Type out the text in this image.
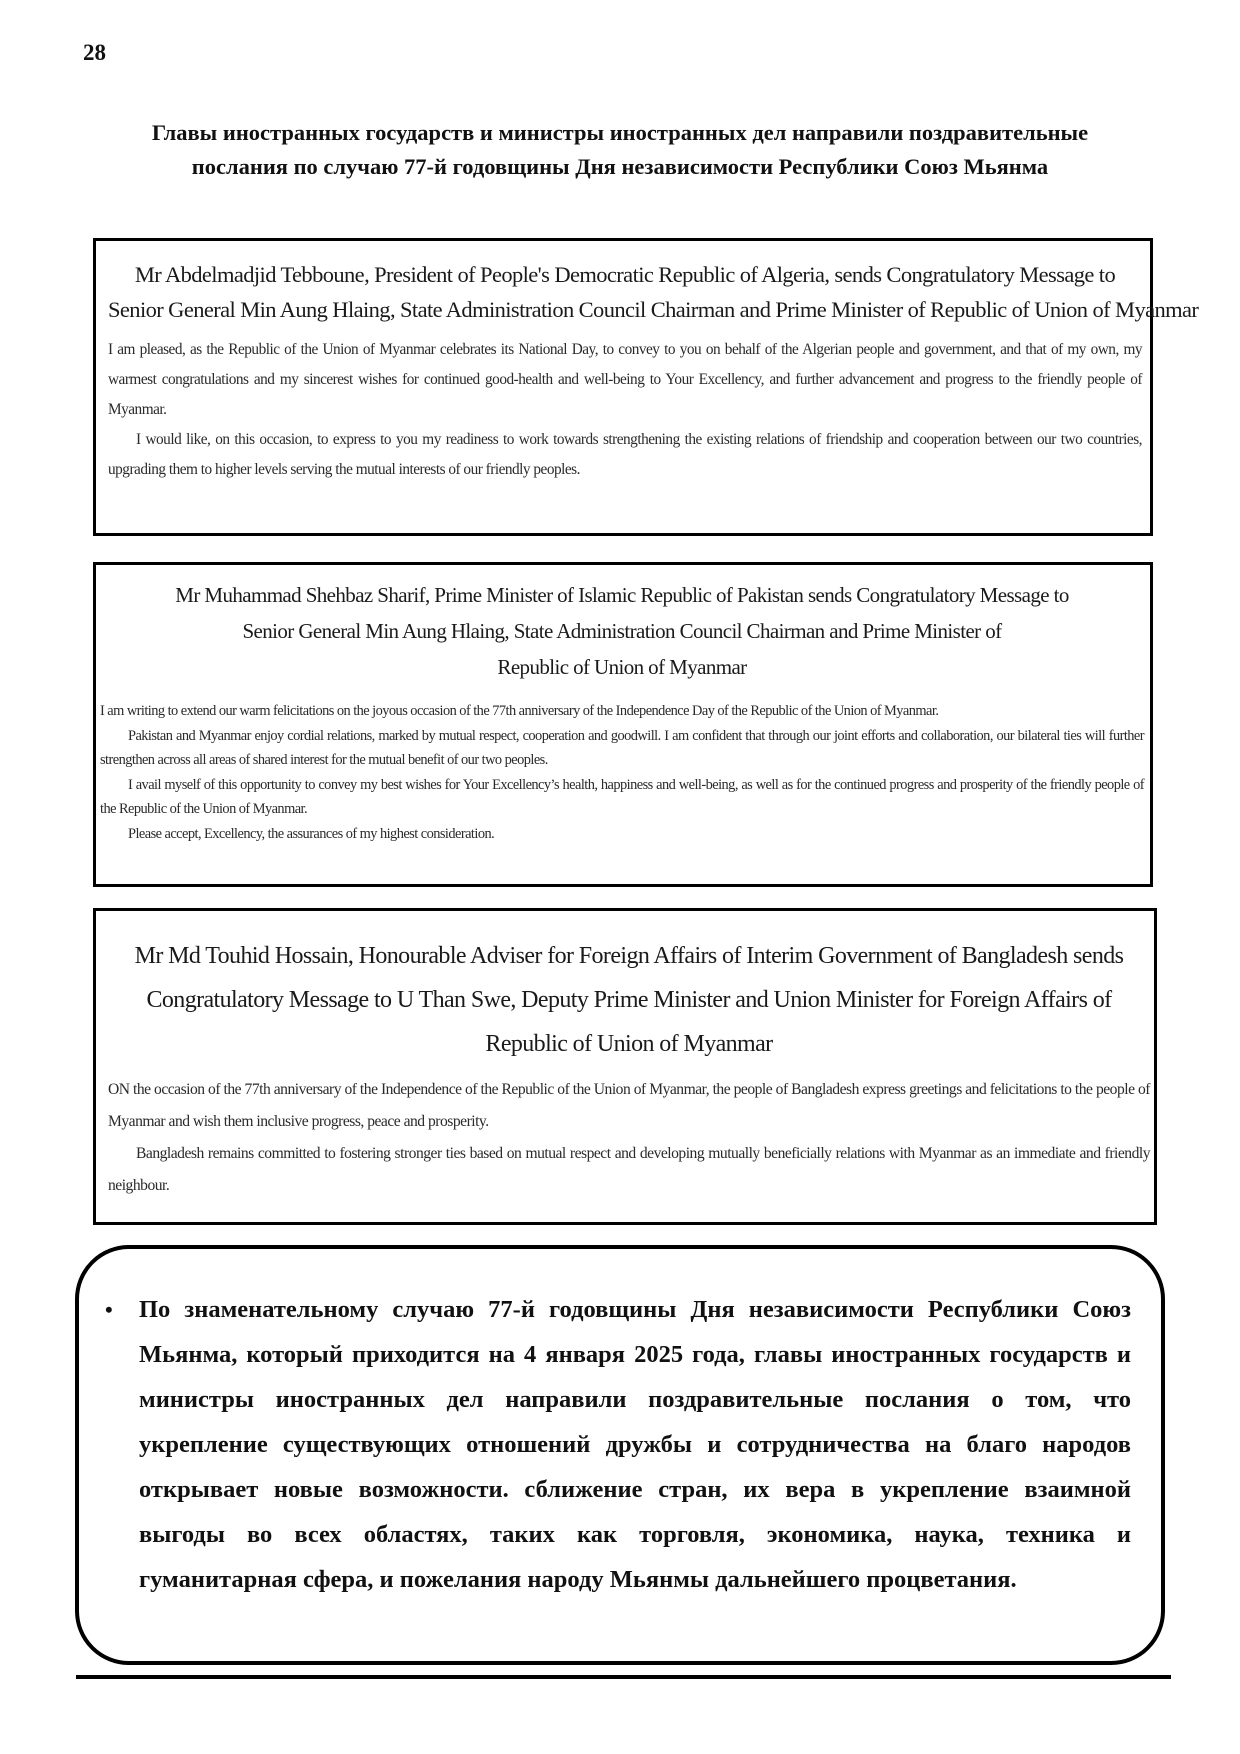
28
Главы иностранных государств и министры иностранных дел направили поздравительные
послания по случаю 77-й годовщины Дня независимости Республики Союз Мьянма
Mr Abdelmadjid Tebboune, President of People's Democratic Republic of Algeria, sends Congratulatory Message to
Senior General Min Aung Hlaing, State Administration Council Chairman and Prime Minister of Republic of Union of Myanmar

I am pleased, as the Republic of the Union of Myanmar celebrates its National Day, to convey to you on behalf of the Algerian people and government, and that of my own, my warmest congratulations and my sincerest wishes for continued good-health and well-being to Your Excellency, and further advancement and progress to the friendly people of Myanmar.

I would like, on this occasion, to express to you my readiness to work towards strengthening the existing relations of friendship and cooperation between our two countries, upgrading them to higher levels serving the mutual interests of our friendly peoples.

Mr Muhammad Shehbaz Sharif, Prime Minister of Islamic Republic of Pakistan sends Congratulatory Message to
Senior General Min Aung Hlaing, State Administration Council Chairman and Prime Minister of
Republic of Union of Myanmar

I am writing to extend our warm felicitations on the joyous occasion of the 77th anniversary of the Independence Day of the Republic of the Union of Myanmar.

Pakistan and Myanmar enjoy cordial relations, marked by mutual respect, cooperation and goodwill. I am confident that through our joint efforts and collaboration, our bilateral ties will further strengthen across all areas of shared interest for the mutual benefit of our two peoples.

I avail myself of this opportunity to convey my best wishes for Your Excellency’s health, happiness and well-being, as well as for the continued progress and prosperity of the friendly people of the Republic of the Union of Myanmar.

Please accept, Excellency, the assurances of my highest consideration.

Mr Md Touhid Hossain, Honourable Adviser for Foreign Affairs of Interim Government of Bangladesh sends
Congratulatory Message to U Than Swe, Deputy Prime Minister and Union Minister for Foreign Affairs of
Republic of Union of Myanmar

ON the occasion of the 77th anniversary of the Independence of the Republic of the Union of Myanmar, the people of Bangladesh express greetings and felicitations to the people of Myanmar and wish them inclusive progress, peace and prosperity.

Bangladesh remains committed to fostering stronger ties based on mutual respect and developing mutually beneficially relations with Myanmar as an immediate and friendly neighbour.

• По знаменательному случаю 77-й годовщины Дня независимости Республики Союз Мьянма, который приходится на 4 января 2025 года, главы иностранных государств и министры иностранных дел направили поздравительные послания о том, что укрепление существующих отношений дружбы и сотрудничества на благо народов открывает новые возможности. сближение стран, их вера в укрепление взаимной выгоды во всех областях, таких как торговля, экономика, наука, техника и гуманитарная сфера, и пожелания народу Мьянмы дальнейшего процветания.
